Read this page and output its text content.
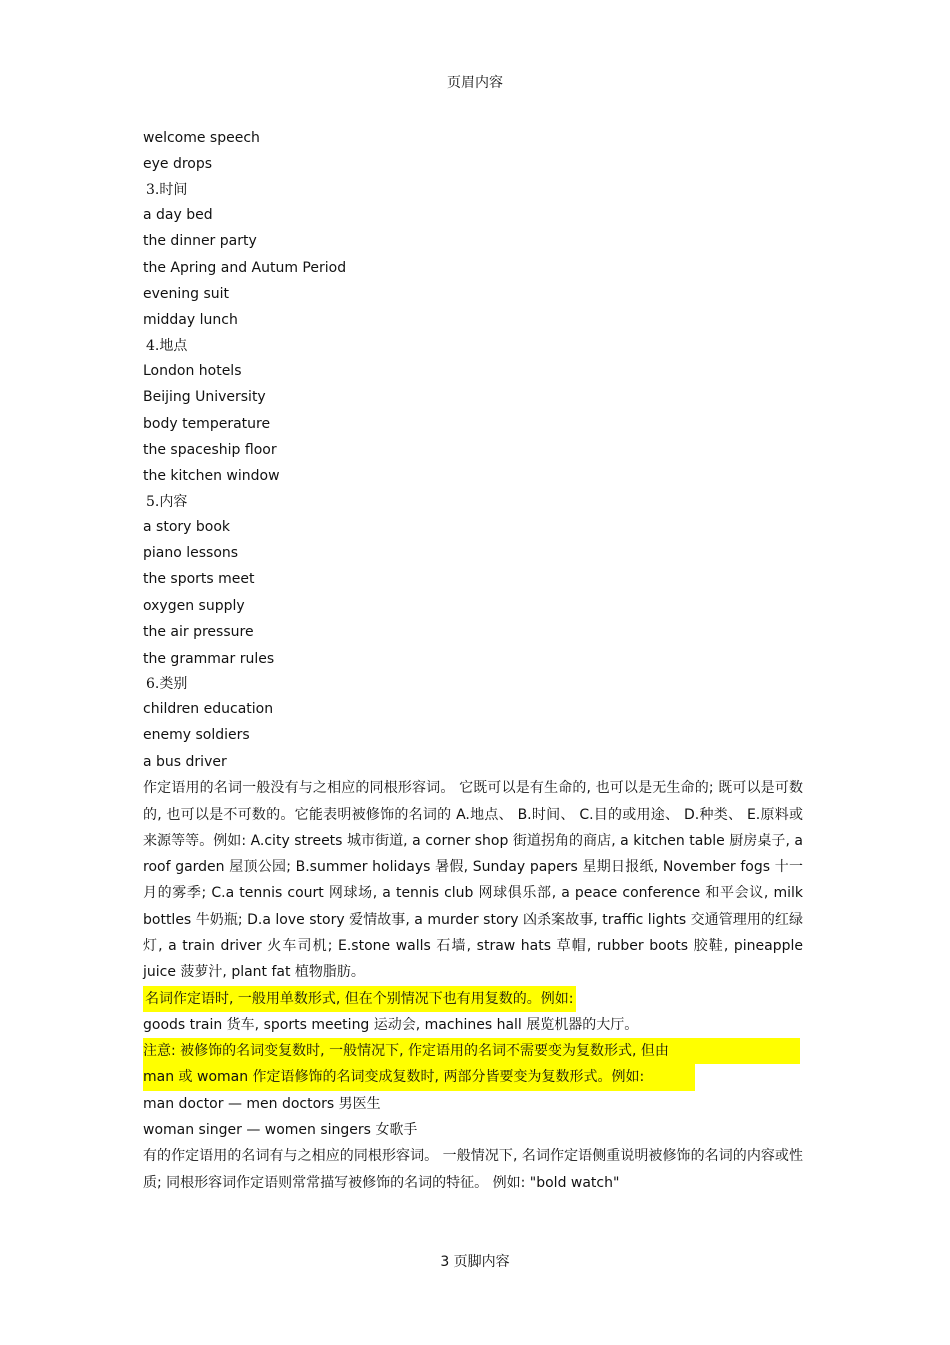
页眉内容
welcome speech
eye drops
3.时间
a day bed
the dinner party
the Apring and Autum Period
evening suit
midday lunch
4.地点
London hotels
Beijing University
body temperature
the spaceship floor
the kitchen window
5.内容
a story book
piano lessons
the sports meet
oxygen supply
the air pressure
the grammar rules
6.类别
children education
enemy soldiers
a bus driver

作定语用的名词一般没有与之相应的同根形容词。 它既可以是有生命的, 也可以是无生命的; 既可以是可数的, 也可以是不可数的。它能表明被修饰的名词的 A.地点、 B.时间、 C.目的或用途、 D.种类、 E.原料或来源等等。例如: A.city streets 城市街道, a corner shop 街道拐角的商店, a kitchen table 厨房桌子, a roof garden 屋顶公园; B.summer holidays 暑假, Sunday papers 星期日报纸, November fogs 十一月的雾季; C.a tennis court 网球场, a tennis club 网球俱乐部, a peace conference 和平会议, milk bottles 牛奶瓶; D.a love story 爱情故事, a murder story 凶杀案故事, traffic lights 交通管理用的红绿灯, a train driver 火车司机; E.stone walls 石墙, straw hats 草帽, rubber boots 胶鞋, pineapple juice 菠萝汁, plant fat 植物脂肪。

名词作定语时, 一般用单数形式, 但在个别情况下也有用复数的。例如:
goods train 货车, sports meeting 运动会, machines hall 展览机器的大厅。
注意: 被修饰的名词变复数时, 一般情况下, 作定语用的名词不需要变为复数形式, 但由
man 或 woman 作定语修饰的名词变成复数时, 两部分皆要变为复数形式。例如:
man doctor — men doctors 男医生
woman singer — women singers 女歌手

有的作定语用的名词有与之相应的同根形容词。 一般情况下, 名词作定语侧重说明被修饰的名词的内容或性质; 同根形容词作定语则常常描写被修饰的名词的特征。 例如: "bold watch"

3 页脚内容
